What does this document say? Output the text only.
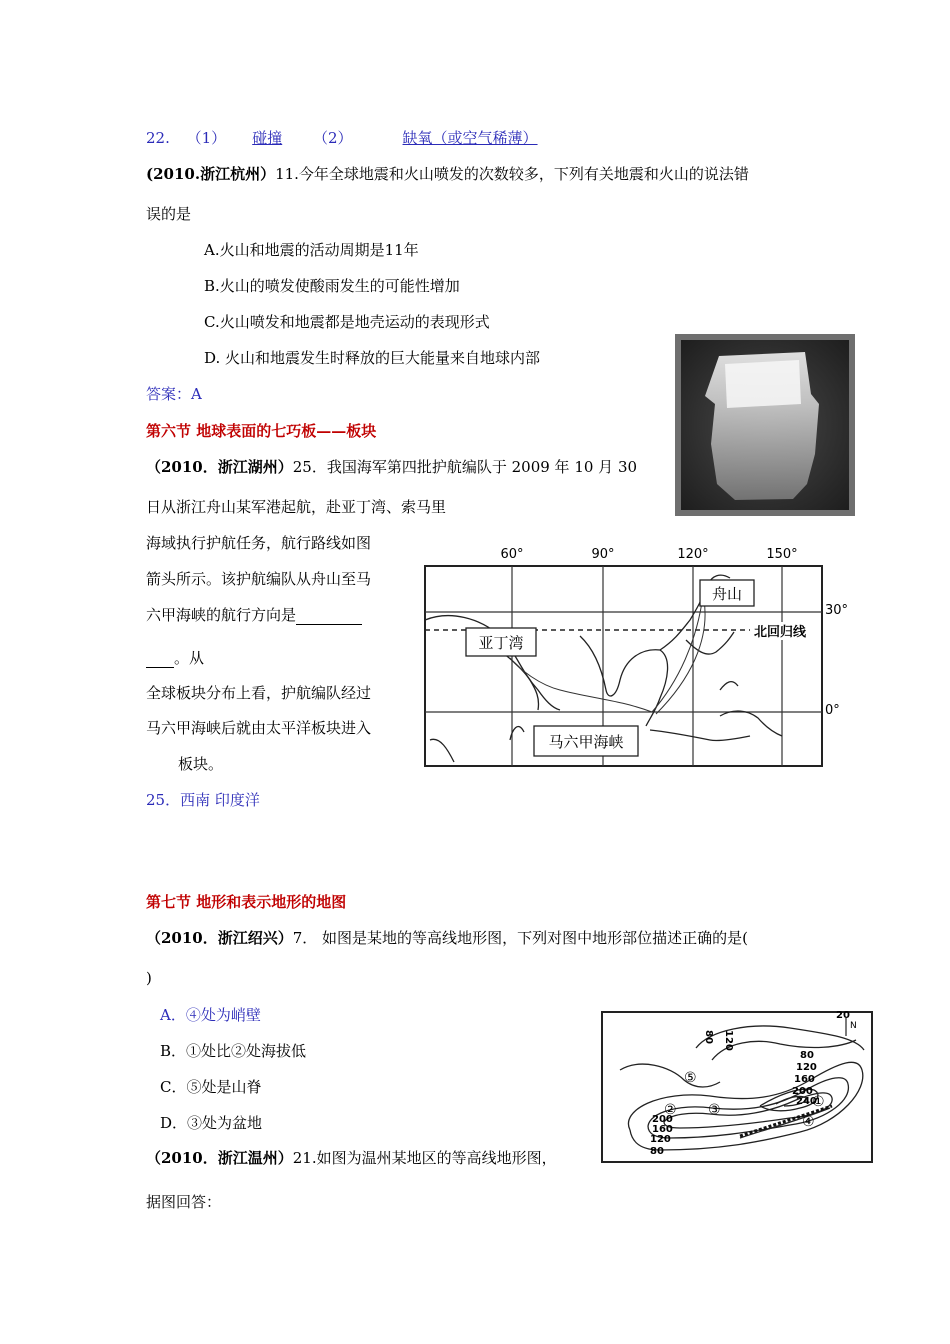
22. （1） 碰撞 （2）	缺氧（或空气稀薄）
(2010.浙江杭州）11.今年全球地震和火山喷发的次数较多，下列有关地震和火山的说法错
误的是
A.火山和地震的活动周期是11年
B.火山的喷发使酸雨发生的可能性增加
C.火山喷发和地震都是地壳运动的表现形式
D. 火山和地震发生时释放的巨大能量来自地球内部
答案：A
第六节 地球表面的七巧板——板块
（2010．浙江湖州）25．我国海军第四批护航编队于 2009 年 10 月 30
日从浙江舟山某军港起航，赴亚丁湾、索马里
海域执行护航任务，航行路线如图
箭头所示。该护航编队从舟山至马
六甲海峡的航行方向是
。从
全球板块分布上看，护航编队经过
马六甲海峡后就由太平洋板块进入
板块。
25．西南 印度洋
60°	90°	120°	150°
30°
0°
舟山
亚丁湾
马六甲海峡
北回归线
第七节 地形和表示地形的地图
（2010．浙江绍兴）7． 如图是某地的等高线地形图，下列对图中地形部位描述正确的是(
)
A．④处为峭壁
B．①处比②处海拔低
C．⑤处是山脊
D．③处为盆地
80
120
160
200
240
200
160
120
80
80 120
20
①
② ③
④
⑤
N
（2010．浙江温州）21.如图为温州某地区的等高线地形图，
据图回答：
